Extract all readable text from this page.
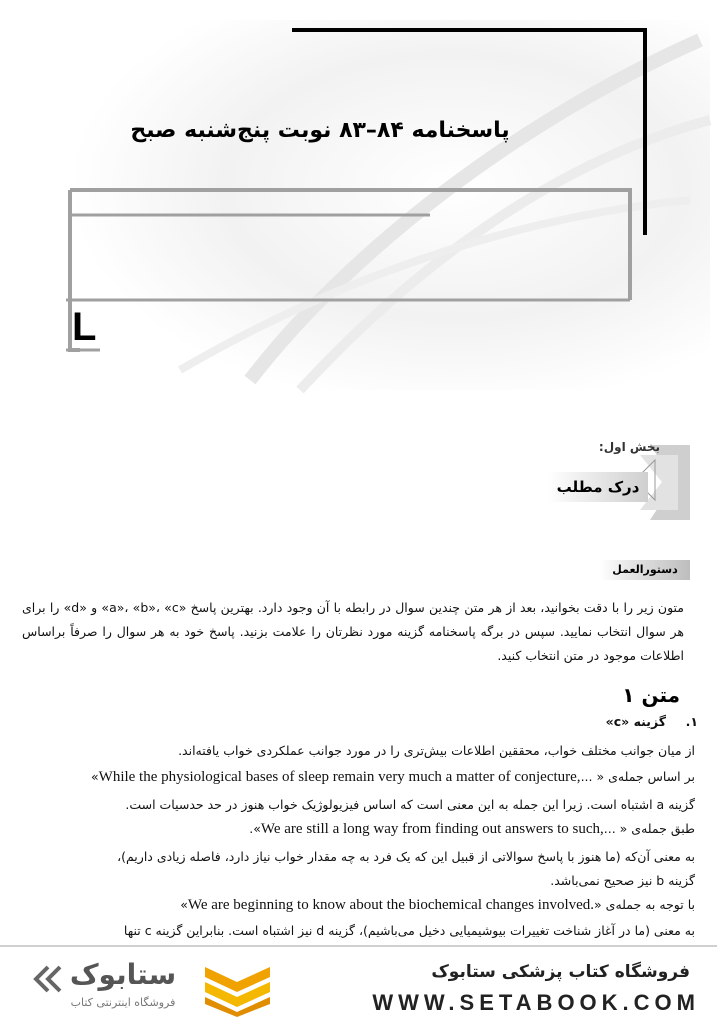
پاسخنامه ۸۴–۸۳ نوبت پنج‌شنبه صبح
L
بخش اول:
درک مطلب
دستورالعمل
متون زیر را با دقت بخوانید، بعد از هر متن چندین سوال در رابطه با آن وجود دارد. بهترین پاسخ «a»، «b»، «c» و «d» را برای هر سوال انتخاب نمایید. سپس در برگه پاسخنامه گزینه مورد نظرتان را علامت بزنید. پاسخ خود به هر سوال را صرفاً براساس اطلاعات موجود در متن انتخاب کنید.
متن ۱
۱.
گزینه «c»
از میان جوانب مختلف خواب، محققین اطلاعات بیش‌تری را در مورد جوانب عملکردی خواب یافته‌اند.
بر اساس جمله‌ی « ...While the physiological bases of sleep remain very much a matter of conjecture,»
گزینه a اشتباه است. زیرا این جمله به این معنی است که اساس فیزیولوژیک خواب هنوز در حد حدسیات است.
طبق جمله‌ی « ...We are still a long way from finding out answers to such,».
به معنی آن‌که (ما هنوز با پاسخ سوالاتی از قبیل این که یک فرد به چه مقدار خواب نیاز دارد، فاصله زیادی داریم)،
گزینه b نیز صحیح نمی‌باشد.
با توجه به جمله‌ی «We are beginning to know about the biochemical changes involved.»
به معنی (ما در آغاز شناخت تغییرات بیوشیمیایی دخیل می‌باشیم)، گزینه d نیز اشتباه است. بنابراین گزینه c تنها
فروشگاه کتاب پزشکی ستابوک
WWW.SETABOOK.COM
ستابوک
فروشگاه اینترنتی کتاب
